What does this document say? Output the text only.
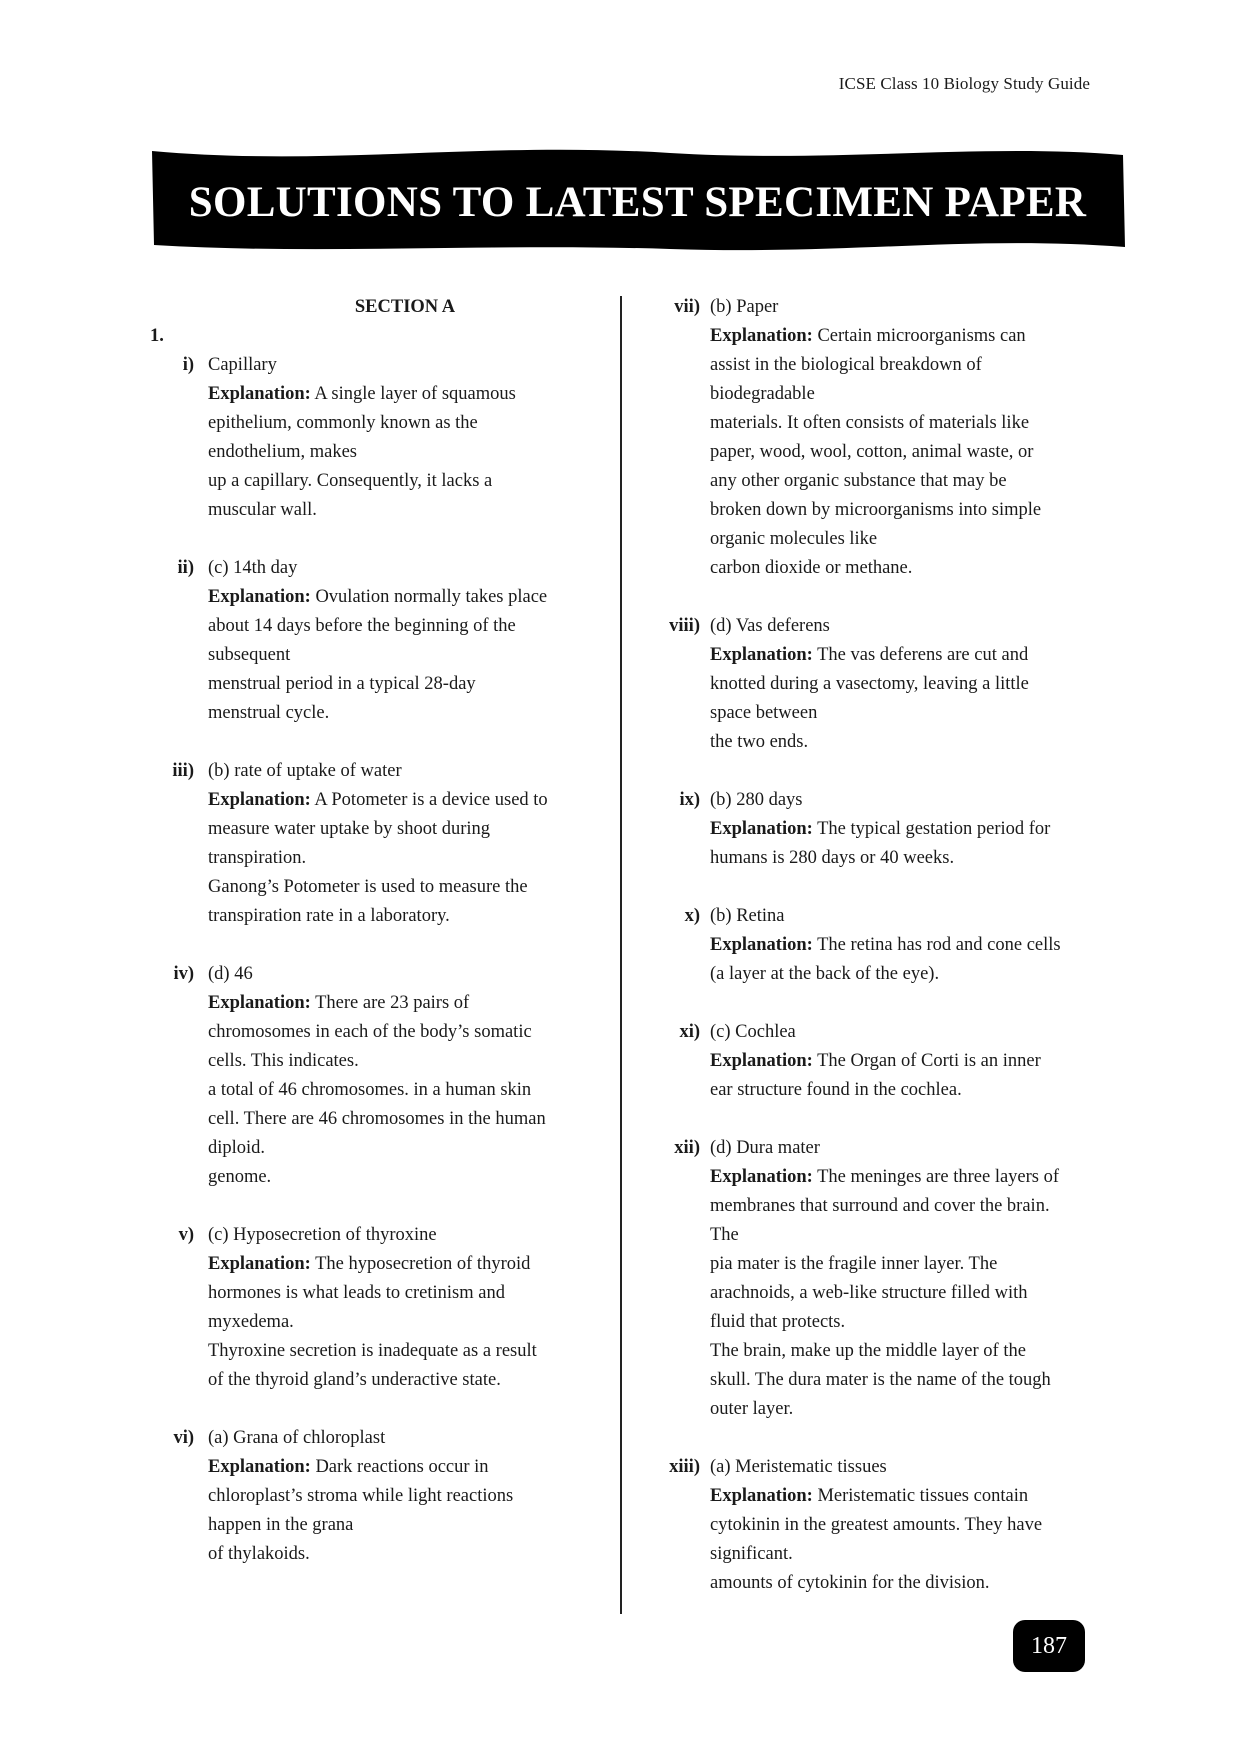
ICSE Class 10 Biology Study Guide
SOLUTIONS TO LATEST SPECIMEN PAPER
SECTION A
1.
i) Capillary
Explanation: A single layer of squamous
epithelium, commonly known as the
endothelium, makes
up a capillary. Consequently, it lacks a
muscular wall.
ii) (c) 14th day
Explanation: Ovulation normally takes place
about 14 days before the beginning of the
subsequent
menstrual period in a typical 28-day
menstrual cycle.
iii) (b) rate of uptake of water
Explanation: A Potometer is a device used to
measure water uptake by shoot during
transpiration.
Ganong’s Potometer is used to measure the
transpiration rate in a laboratory.
iv) (d) 46
Explanation: There are 23 pairs of
chromosomes in each of the body’s somatic
cells. This indicates.
a total of 46 chromosomes. in a human skin
cell. There are 46 chromosomes in the human
diploid.
genome.
v) (c) Hyposecretion of thyroxine
Explanation: The hyposecretion of thyroid
hormones is what leads to cretinism and
myxedema.
Thyroxine secretion is inadequate as a result
of the thyroid gland’s underactive state.
vi) (a) Grana of chloroplast
Explanation: Dark reactions occur in
chloroplast’s stroma while light reactions
happen in the grana
of thylakoids.
vii) (b) Paper
Explanation: Certain microorganisms can
assist in the biological breakdown of
biodegradable
materials. It often consists of materials like
paper, wood, wool, cotton, animal waste, or
any other organic substance that may be
broken down by microorganisms into simple
organic molecules like
carbon dioxide or methane.
viii) (d) Vas deferens
Explanation: The vas deferens are cut and
knotted during a vasectomy, leaving a little
space between
the two ends.
ix) (b) 280 days
Explanation: The typical gestation period for
humans is 280 days or 40 weeks.
x) (b) Retina
Explanation: The retina has rod and cone cells
(a layer at the back of the eye).
xi) (c) Cochlea
Explanation: The Organ of Corti is an inner
ear structure found in the cochlea.
xii) (d) Dura mater
Explanation: The meninges are three layers of
membranes that surround and cover the brain.
The
pia mater is the fragile inner layer. The
arachnoids, a web-like structure filled with
fluid that protects.
The brain, make up the middle layer of the
skull. The dura mater is the name of the tough
outer layer.
xiii) (a) Meristematic tissues
Explanation: Meristematic tissues contain
cytokinin in the greatest amounts. They have
significant.
amounts of cytokinin for the division.
187
